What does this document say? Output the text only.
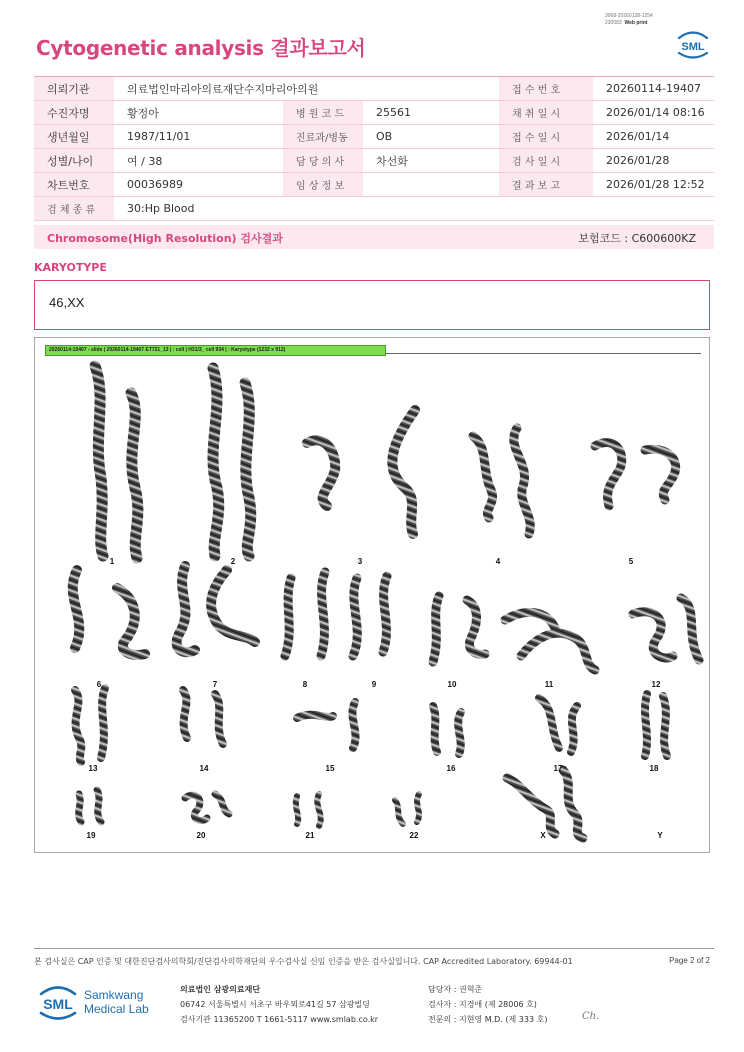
3068-20260128-1254
230083 Web print
Cytogenetic analysis 결과보고서	SML
의뢰기관	의료법인마리아의료재단수지마리아의원			접 수 번 호	20260114-19407
수진자명	황정아	병 원 코 드	25561	채 취 일 시	2026/01/14 08:16
생년월일	1987/11/01	진료과/병동	OB	접 수 일 시	2026/01/14
성별/나이	여 / 38	담 당 의 사	차선화	검 사 일 시	2026/01/28
차트번호	00036989	임 상 정 보		결 과 보 고	2026/01/28 12:52
검 체 종 류	30:Hp Blood				
Chromosome(High Resolution) 검사결과	보험코드 : C600600KZ
KARYOTYPE
46,XX
20260114-19407 - slide | 20260114-19407 ET721_13 | : cell | H31/3_ cell 934 | : Karyotype (1232 x 912)
1	2	3	4	5
6	7	8	9	10	11	12
13	14	15	16	17	18
19	20	21	22	X	Y
본 검사실은 CAP 인증 및 대한진단검사의학회/진단검사의학재단의 우수검사실 신임 인증을 받은 검사실입니다. CAP Accredited Laboratory. 69944-01	Page 2 of 2
SML
Samkwang
Medical Lab
의료법인 삼광의료재단
06742 서울특별시 서초구 바우뫼로41길 57 삼광빌딩
검사기관 11365200 T 1661-5117 www.smlab.co.kr
담당자 : 권혁준
검사자 : 지경애 (제 28006 호)
전문의 : 지현영 M.D. (제 333 호)	Ch.
